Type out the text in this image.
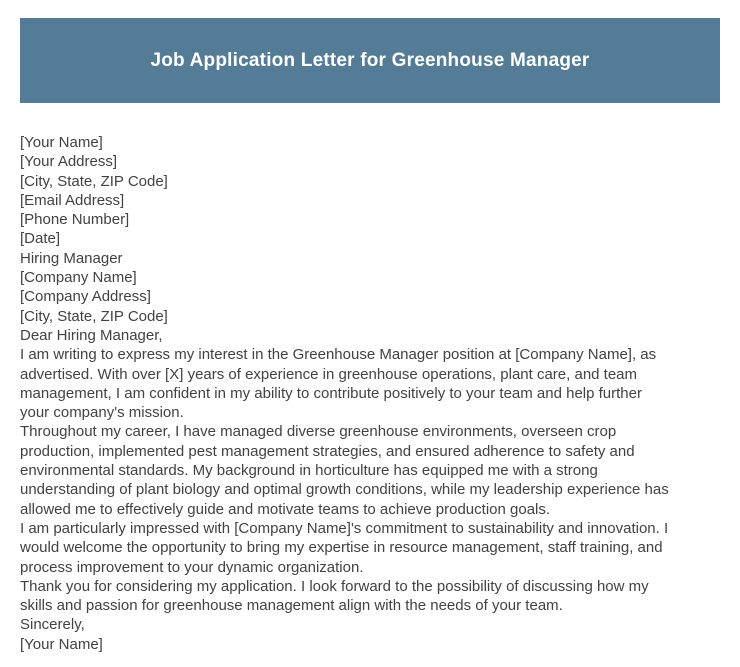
Job Application Letter for Greenhouse Manager
[Your Name]
[Your Address]
[City, State, ZIP Code]
[Email Address]
[Phone Number]
[Date]
Hiring Manager
[Company Name]
[Company Address]
[City, State, ZIP Code]
Dear Hiring Manager,
I am writing to express my interest in the Greenhouse Manager position at [Company Name], as
advertised. With over [X] years of experience in greenhouse operations, plant care, and team
management, I am confident in my ability to contribute positively to your team and help further
your company's mission.
Throughout my career, I have managed diverse greenhouse environments, overseen crop
production, implemented pest management strategies, and ensured adherence to safety and
environmental standards. My background in horticulture has equipped me with a strong
understanding of plant biology and optimal growth conditions, while my leadership experience has
allowed me to effectively guide and motivate teams to achieve production goals.
I am particularly impressed with [Company Name]'s commitment to sustainability and innovation. I
would welcome the opportunity to bring my expertise in resource management, staff training, and
process improvement to your dynamic organization.
Thank you for considering my application. I look forward to the possibility of discussing how my
skills and passion for greenhouse management align with the needs of your team.
Sincerely,
[Your Name]
